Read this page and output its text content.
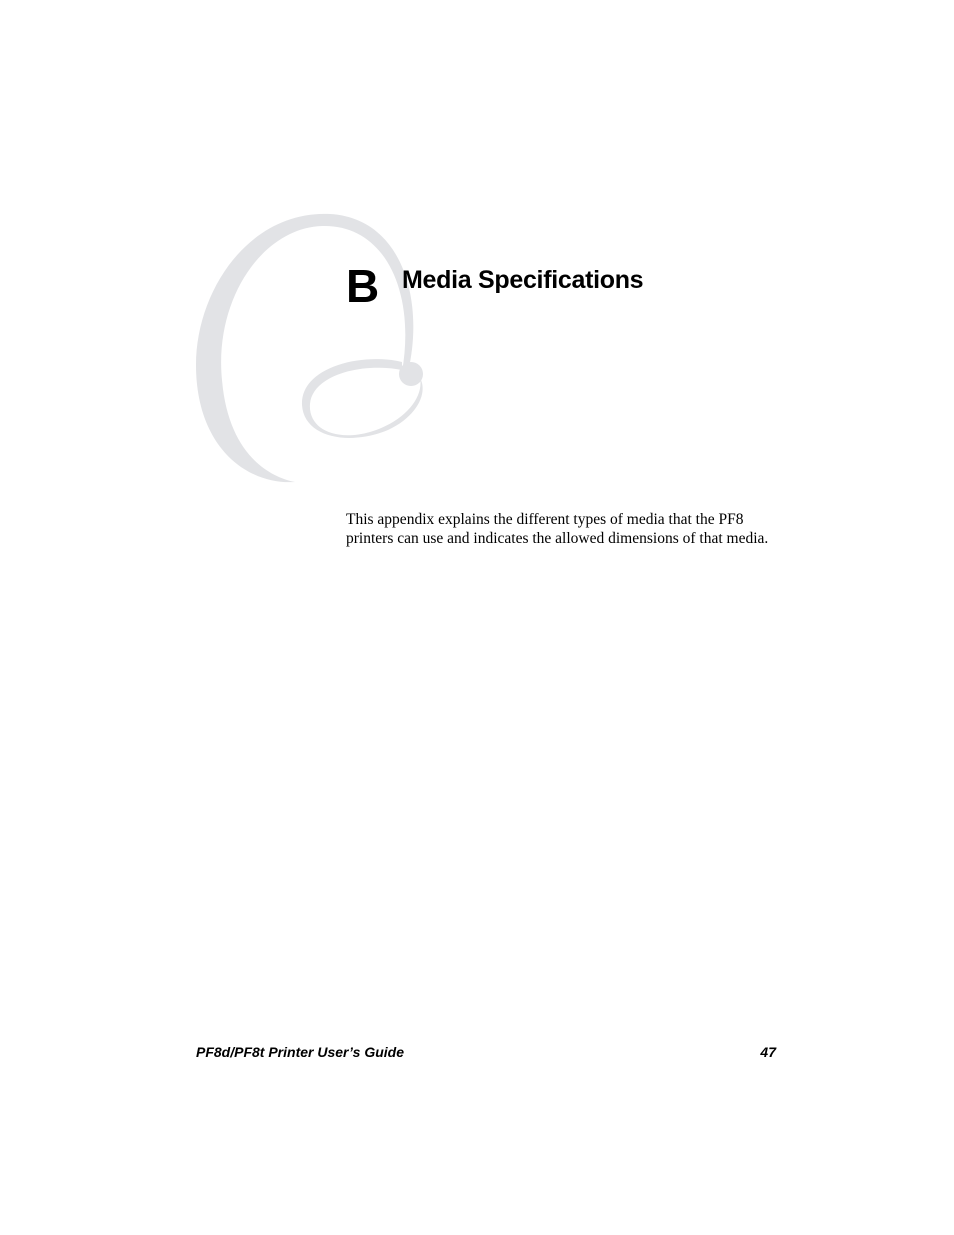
B Media Specifications

This appendix explains the different types of media that the PF8 printers can use and indicates the allowed dimensions of that media.

PF8d/PF8t Printer User’s Guide	47
